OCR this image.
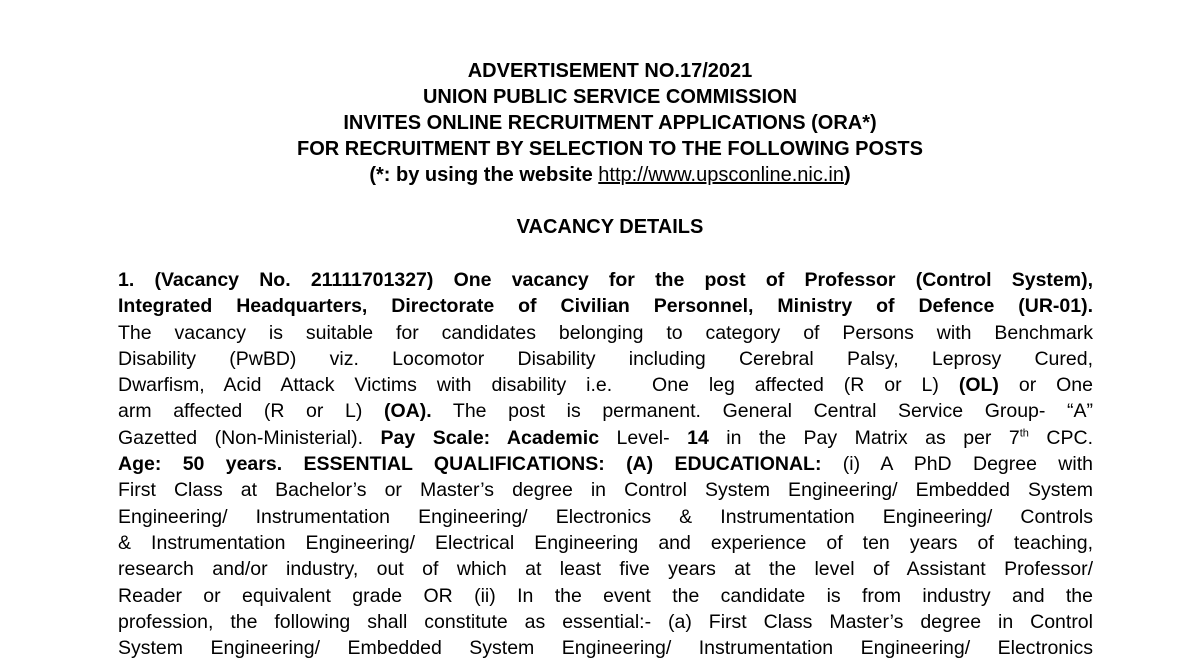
ADVERTISEMENT NO.17/2021
UNION PUBLIC SERVICE COMMISSION
INVITES ONLINE RECRUITMENT APPLICATIONS (ORA*)
FOR RECRUITMENT BY SELECTION TO THE FOLLOWING POSTS
(*: by using the website http://www.upsconline.nic.in)
VACANCY DETAILS
1. (Vacancy No. 21111701327) One vacancy for the post of Professor (Control System),
Integrated Headquarters, Directorate of Civilian Personnel, Ministry of Defence (UR-01).
The vacancy is suitable for candidates belonging to category of Persons with Benchmark
Disability (PwBD) viz. Locomotor Disability including Cerebral Palsy, Leprosy Cured,
Dwarfism, Acid Attack Victims with disability i.e.  One leg affected (R or L) (OL) or One
arm affected (R or L) (OA). The post is permanent. General Central Service Group- “A”
Gazetted (Non-Ministerial). Pay Scale: Academic Level- 14 in the Pay Matrix as per 7th CPC.
Age: 50 years. ESSENTIAL QUALIFICATIONS: (A) EDUCATIONAL: (i) A PhD Degree with
First Class at Bachelor’s or Master’s degree in Control System Engineering/ Embedded System
Engineering/ Instrumentation Engineering/ Electronics & Instrumentation Engineering/ Controls
& Instrumentation Engineering/ Electrical Engineering and experience of ten years of teaching,
research and/or industry, out of which at least five years at the level of Assistant Professor/
Reader or equivalent grade OR (ii) In the event the candidate is from industry and the
profession, the following shall constitute as essential:- (a) First Class Master’s degree in Control
System Engineering/ Embedded System Engineering/ Instrumentation Engineering/ Electronics
